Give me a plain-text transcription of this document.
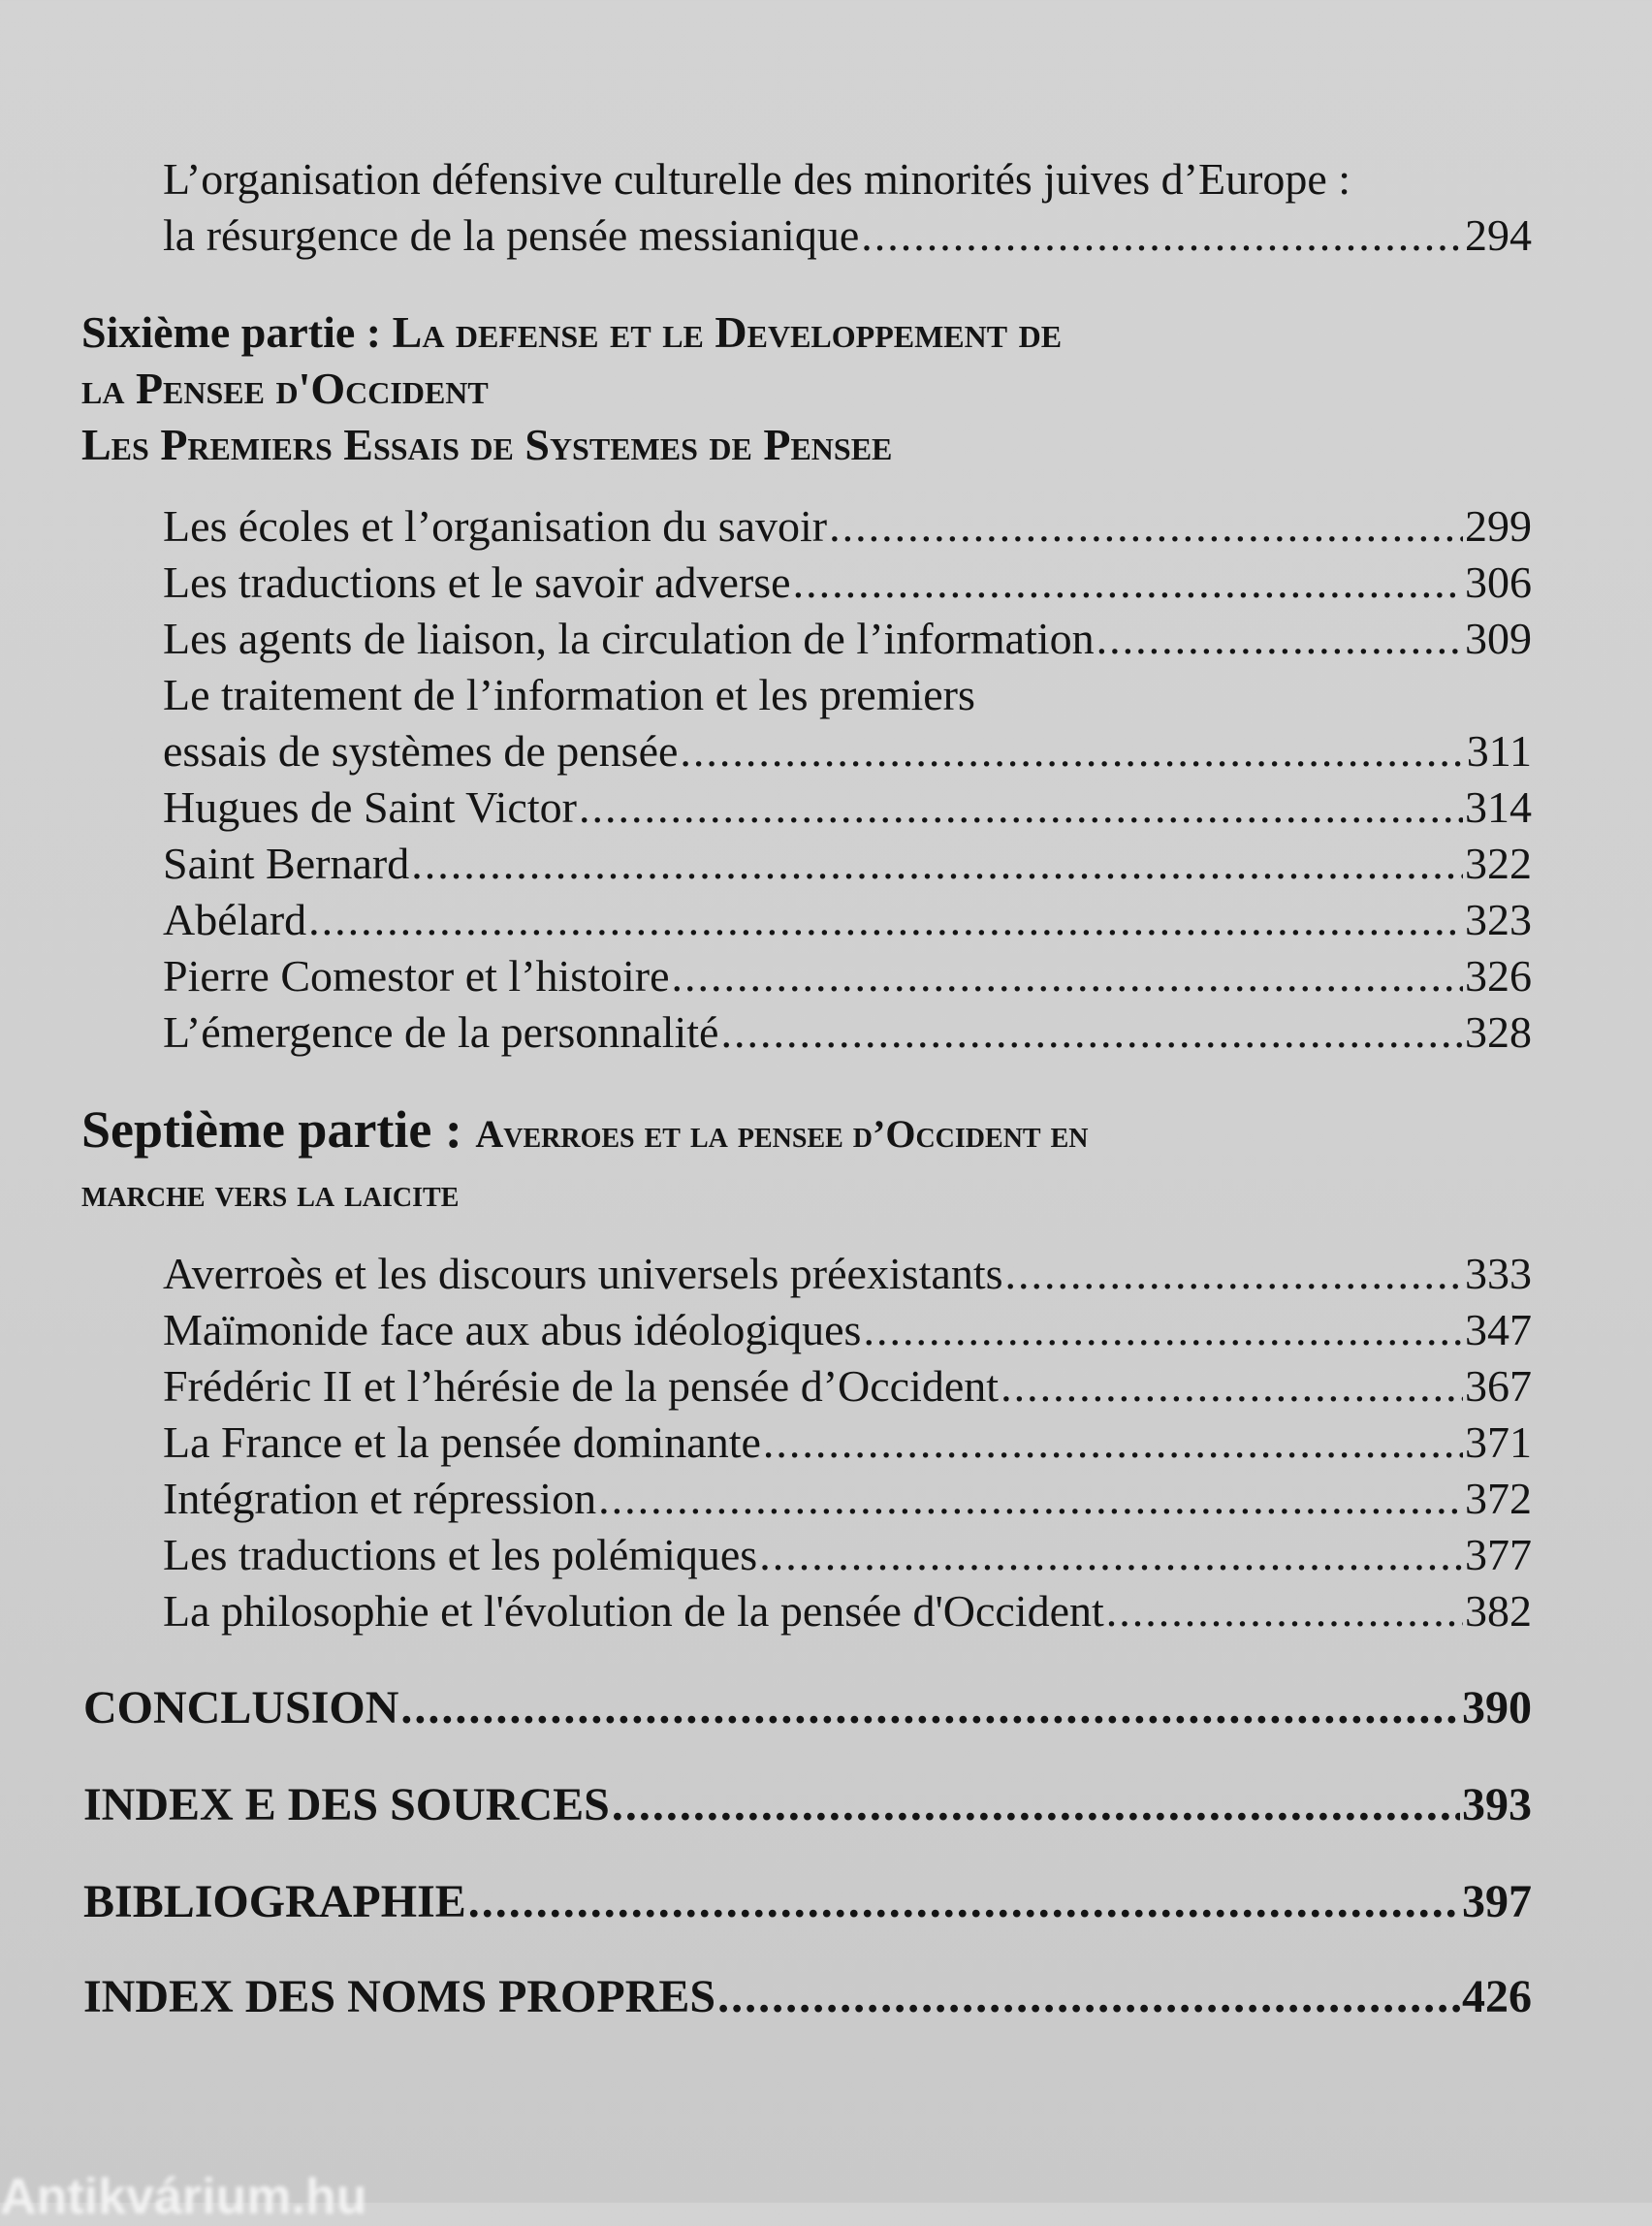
L’organisation défensive culturelle des minorités juives d’Europe :
la résurgence de la pensée messianique .....	294
Sixième partie : La defense et le Developpement de
la Pensee d'Occident
Les Premiers Essais de Systemes de Pensee
Septième partie : Averroes et la pensee d’Occident en
marche vers la laicite
Antikvárium.hu
Les écoles et l’organisation du savoir .....	299
Les traductions et le savoir adverse .....	306
Les agents de liaison, la circulation de l’information .....	309
Le traitement de l’information et les premiers
essais de systèmes de pensée .....	311
Hugues de Saint Victor .....	314
Saint Bernard .....	322
Abélard .....	323
Pierre Comestor et l’histoire .....	326
L’émergence de la personnalité .....	328
Averroès et les discours universels préexistants .....	333
Maïmonide face aux abus idéologiques .....	347
Frédéric II et l’hérésie de la pensée d’Occident .....	367
La France et la pensée dominante .....	371
Intégration et répression .....	372
Les traductions et les polémiques .....	377
La philosophie et l'évolution de la pensée d'Occident .....	382
CONCLUSION .....	390
INDEX E DES SOURCES .....	393
BIBLIOGRAPHIE .....	397
INDEX DES NOMS PROPRES .....	426
